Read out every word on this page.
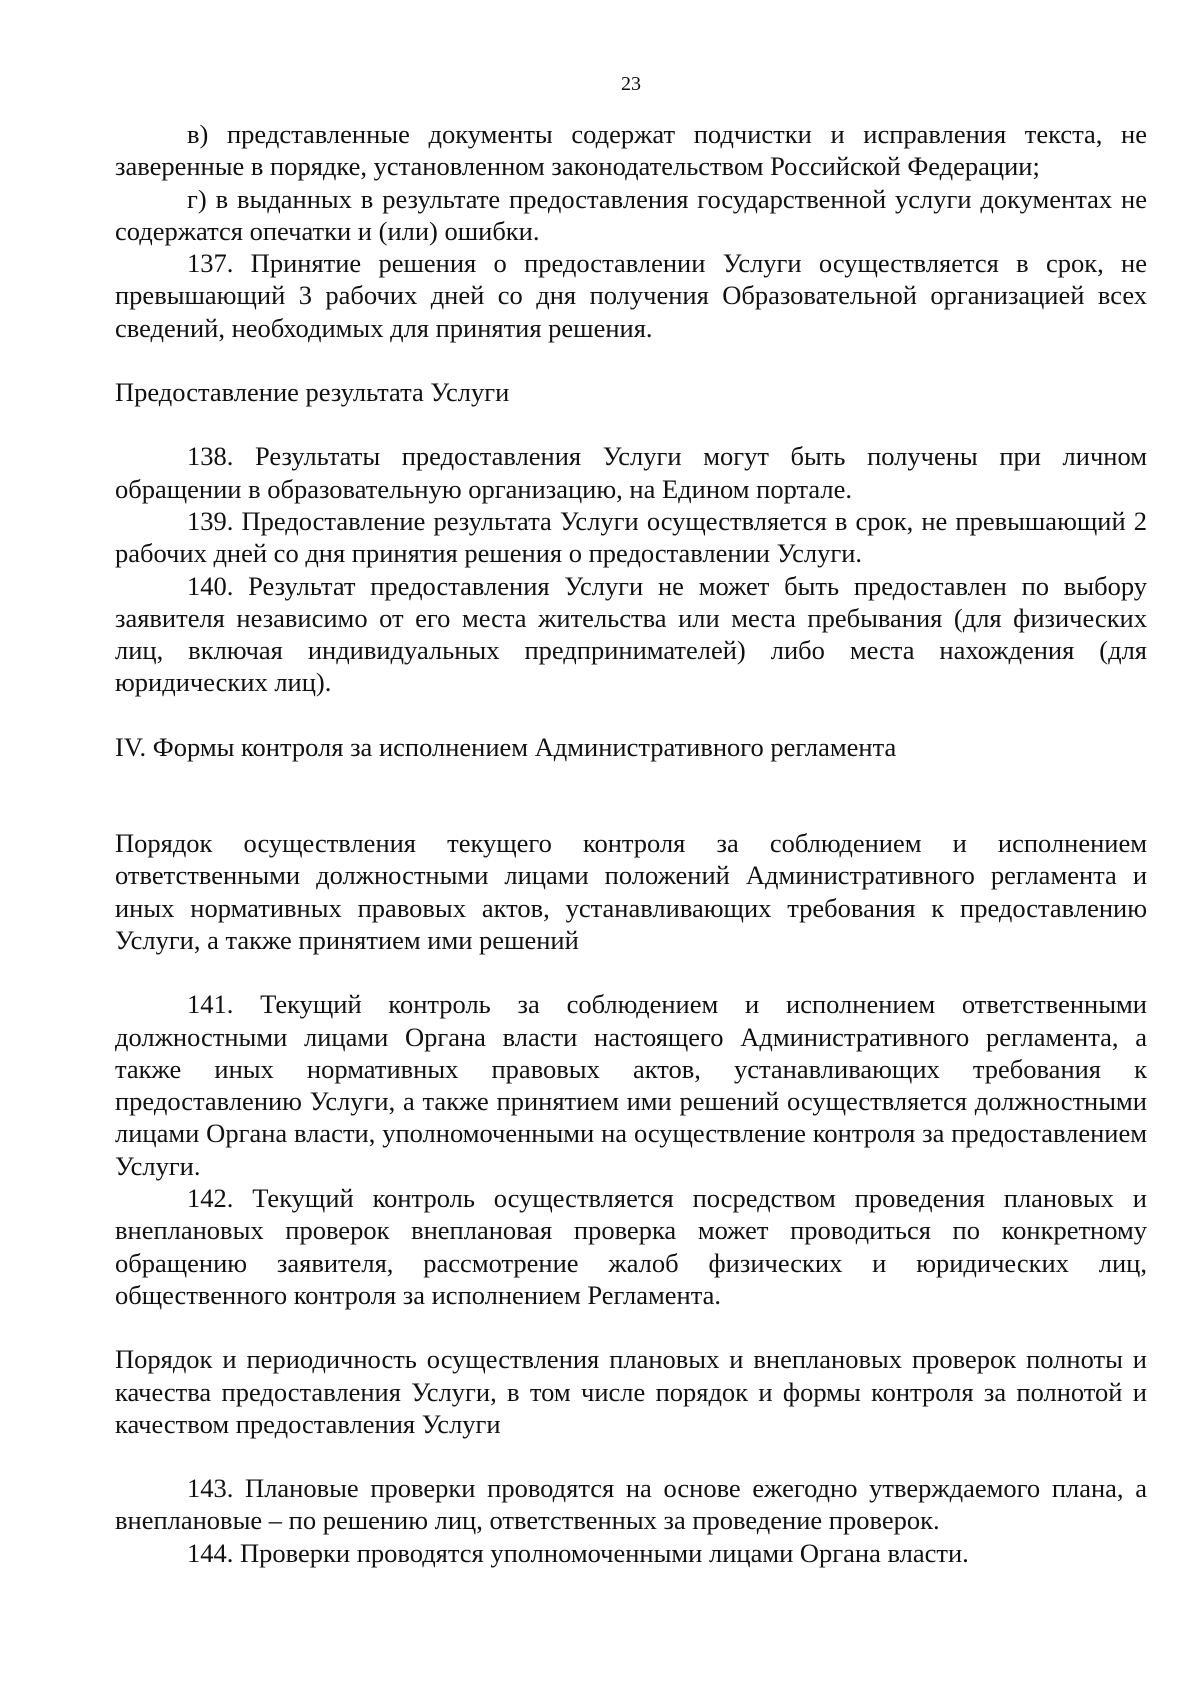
23

в) представленные документы содержат подчистки и исправления текста, не заверенные в порядке, установленном законодательством Российской Федерации;

г) в выданных в результате предоставления государственной услуги документах не содержатся опечатки и (или) ошибки.

137. Принятие решения о предоставлении Услуги осуществляется в срок, не превышающий 3 рабочих дней со дня получения Образовательной организацией всех сведений, необходимых для принятия решения.

Предоставление результата Услуги

138. Результаты предоставления Услуги могут быть получены при личном обращении в образовательную организацию, на Едином портале.

139. Предоставление результата Услуги осуществляется в срок, не превышающий 2 рабочих дней со дня принятия решения о предоставлении Услуги.

140. Результат предоставления Услуги не может быть предоставлен по выбору заявителя независимо от его места жительства или места пребывания (для физических лиц, включая индивидуальных предпринимателей) либо места нахождения (для юридических лиц).

IV. Формы контроля за исполнением Административного регламента

Порядок осуществления текущего контроля за соблюдением и исполнением ответственными должностными лицами положений Административного регламента и иных нормативных правовых актов, устанавливающих требования к предоставлению Услуги, а также принятием ими решений

141. Текущий контроль за соблюдением и исполнением ответственными должностными лицами Органа власти настоящего Административного регламента, а также иных нормативных правовых актов, устанавливающих требования к предоставлению Услуги, а также принятием ими решений осуществляется должностными лицами Органа власти, уполномоченными на осуществление контроля за предоставлением Услуги.

142. Текущий контроль осуществляется посредством проведения плановых и внеплановых проверок внеплановая проверка может проводиться по конкретному обращению заявителя, рассмотрение жалоб физических и юридических лиц, общественного контроля за исполнением Регламента.

Порядок и периодичность осуществления плановых и внеплановых проверок полноты и качества предоставления Услуги, в том числе порядок и формы контроля за полнотой и качеством предоставления Услуги

143. Плановые проверки проводятся на основе ежегодно утверждаемого плана, а внеплановые – по решению лиц, ответственных за проведение проверок.

144. Проверки проводятся уполномоченными лицами Органа власти.
